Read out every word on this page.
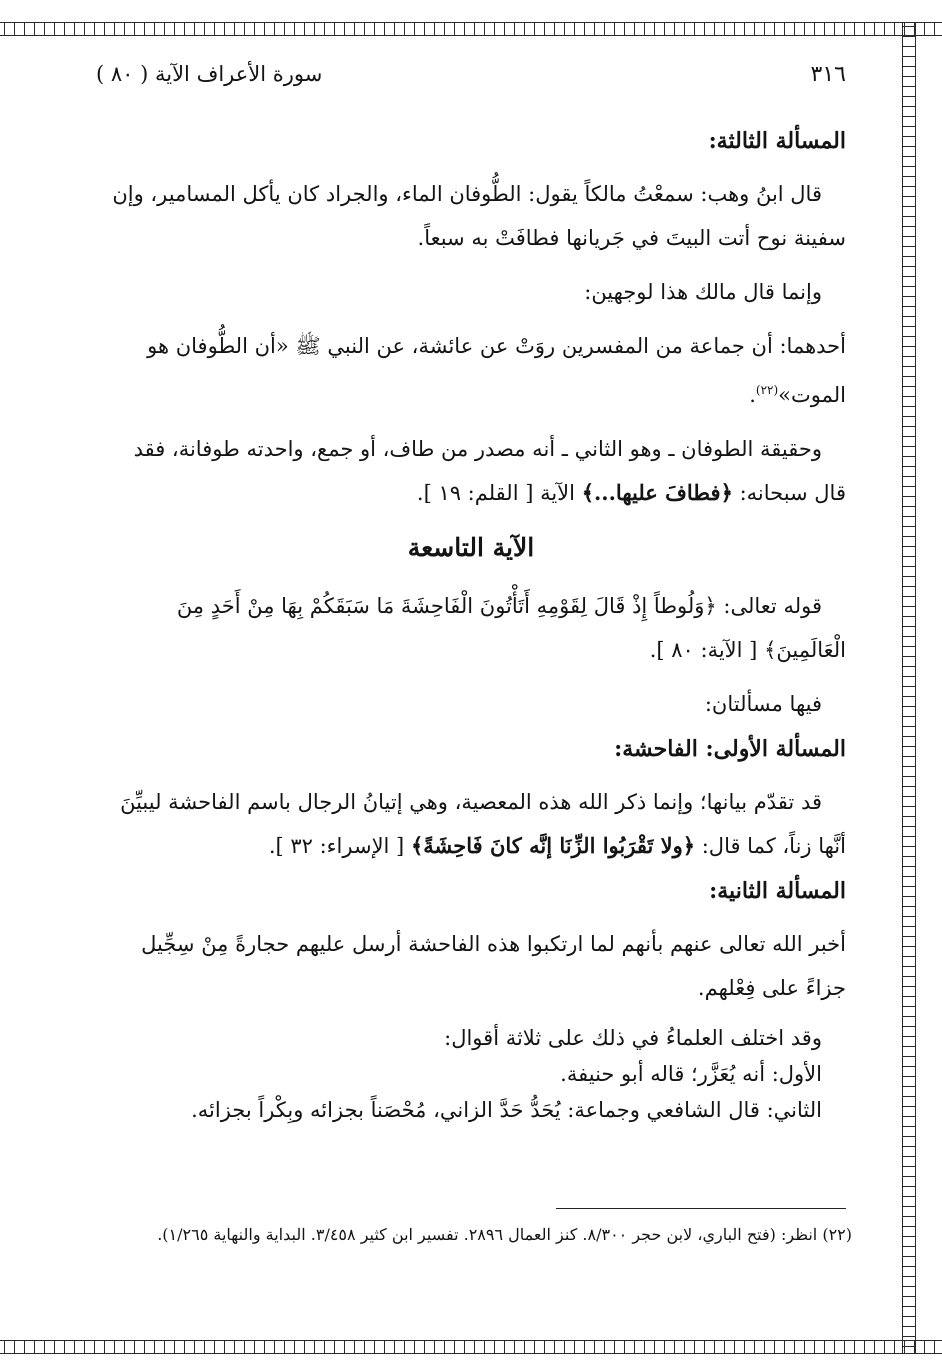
٣١٦
سورة الأعراف الآية ( ٨٠ )
المسألة الثالثة:

قال ابنُ وهب: سمعْتُ مالكاً يقول: الطُّوفان الماء، والجراد كان يأكل المسامير، وإن سفينة نوح أتت البيتَ في جَريانها فطافَتْ به سبعاً.

وإنما قال مالك هذا لوجهين:

أحدهما: أن جماعة من المفسرين روَتْ عن عائشة، عن النبي ﷺ «أن الطُّوفان هو الموت»$^{(٢٢)}$.

وحقيقة الطوفان ـ وهو الثاني ـ أنه مصدر من طاف، أو جمع، واحدته طوفانة، فقد قال سبحانه: ﴿فطافَ عليها...﴾ الآية [ القلم: ١٩ ].

الآية التاسعة

قوله تعالى: ﴿وَلُوطاً إِذْ قَالَ لِقَوْمِهِ أَتَأْتُونَ الْفَاحِشَةَ مَا سَبَقَكُمْ بِهَا مِنْ أَحَدٍ مِنَ الْعَالَمِينَ﴾ [ الآية: ٨٠ ].

فيها مسألتان:

المسألة الأولى: الفاحشة:

قد تقدّم بيانها؛ وإنما ذكر الله هذه المعصية، وهي إتيانُ الرجال باسم الفاحشة ليبيِّنَ أنَّها زناً، كما قال: ﴿ولا تَقْرَبُوا الزِّنَا إنَّه كانَ فَاحِشَةً﴾ [ الإسراء: ٣٢ ].

المسألة الثانية:

أخبر الله تعالى عنهم بأنهم لما ارتكبوا هذه الفاحشة أرسل عليهم حجارةً مِنْ سِجِّيل جزاءً على فِعْلهم.

وقد اختلف العلماءُ في ذلك على ثلاثة أقوال:

الأول: أنه يُعَزَّر؛ قاله أبو حنيفة.

الثاني: قال الشافعي وجماعة: يُحَدُّ حَدَّ الزاني، مُحْصَناً بجزائه وبِكْراً بجزائه.

(٢٢) انظر: (فتح الباري، لابن حجر ٨/٣٠٠. كنز العمال ٢٨٩٦. تفسير ابن كثير ٣/٤٥٨. البداية والنهاية ١/٢٦٥).
